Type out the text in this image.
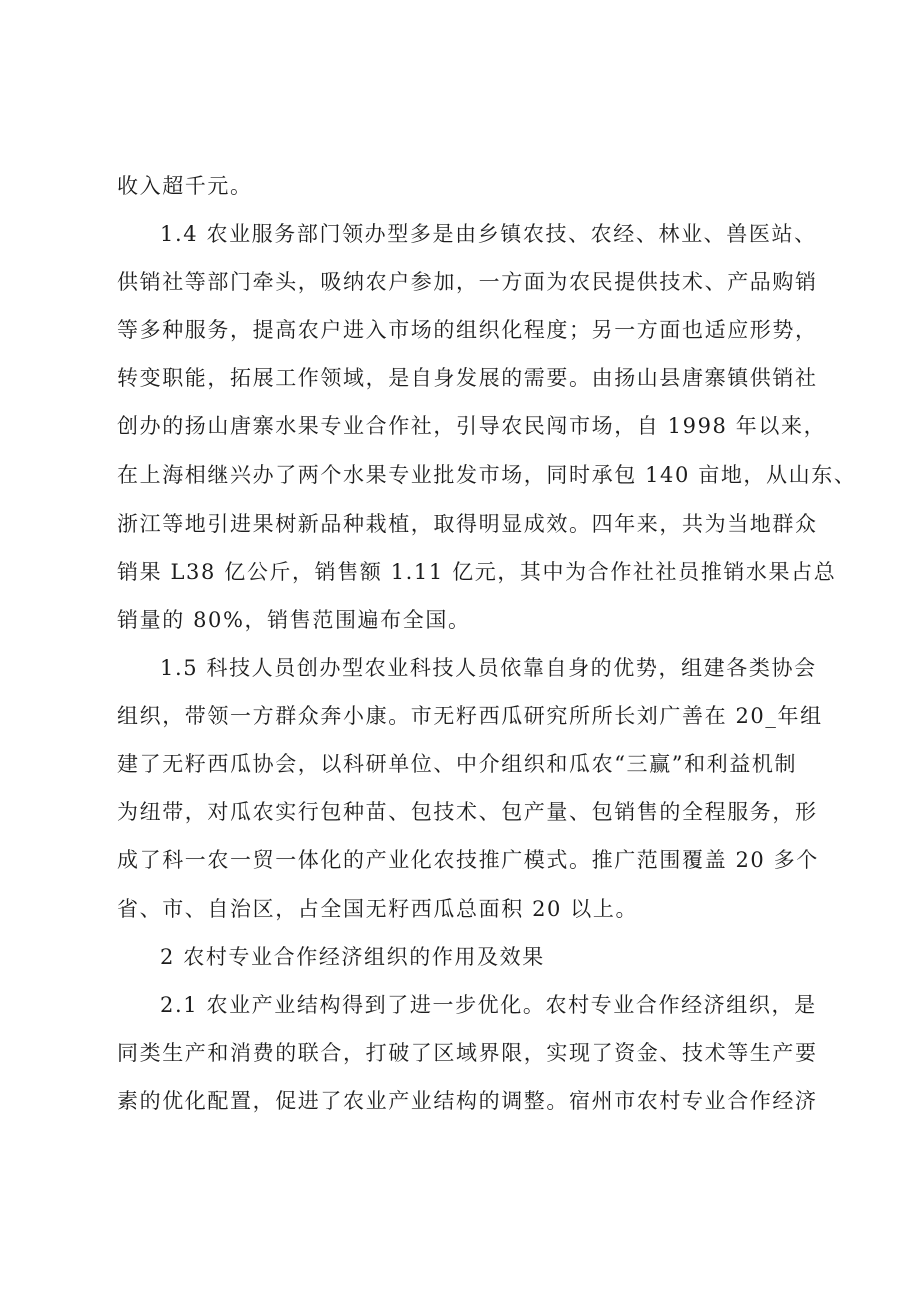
收入超千元。
1.4 农业服务部门领办型多是由乡镇农技、农经、林业、兽医站、
供销社等部门牵头，吸纳农户参加，一方面为农民提供技术、产品购销
等多种服务，提高农户进入市场的组织化程度；另一方面也适应形势，
转变职能，拓展工作领域，是自身发展的需要。由扬山县唐寨镇供销社
创办的扬山唐寨水果专业合作社，引导农民闯市场，自 1998 年以来，
在上海相继兴办了两个水果专业批发市场，同时承包 140 亩地，从山东、
浙江等地引进果树新品种栽植，取得明显成效。四年来，共为当地群众
销果 L38 亿公斤，销售额 1.11 亿元，其中为合作社社员推销水果占总
销量的 80%，销售范围遍布全国。
1.5 科技人员创办型农业科技人员依靠自身的优势，组建各类协会
组织，带领一方群众奔小康。市无籽西瓜研究所所长刘广善在 20_年组
建了无籽西瓜协会，以科研单位、中介组织和瓜农“三赢”和利益机制
为纽带，对瓜农实行包种苗、包技术、包产量、包销售的全程服务，形
成了科一农一贸一体化的产业化农技推广模式。推广范围覆盖 20 多个
省、市、自治区，占全国无籽西瓜总面积 20 以上。
2 农村专业合作经济组织的作用及效果
2.1 农业产业结构得到了进一步优化。农村专业合作经济组织，是
同类生产和消费的联合，打破了区域界限，实现了资金、技术等生产要
素的优化配置，促进了农业产业结构的调整。宿州市农村专业合作经济
